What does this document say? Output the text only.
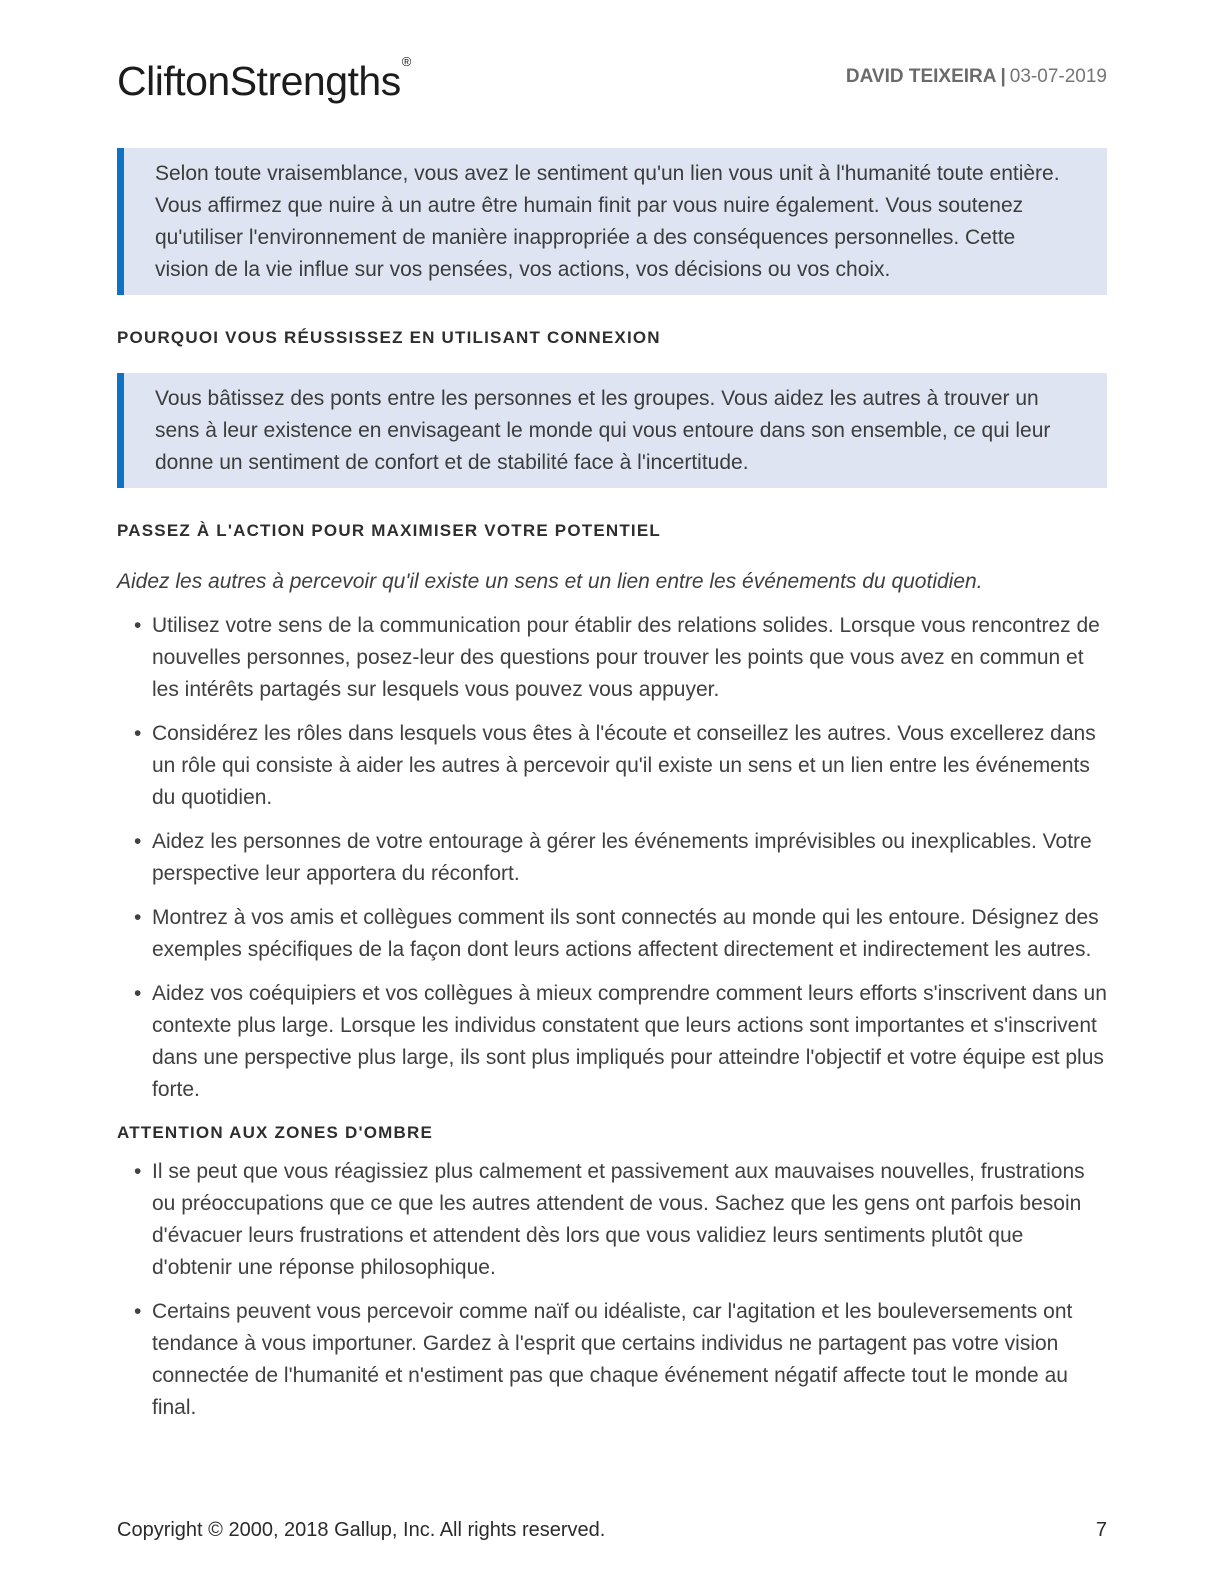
CliftonStrengths®
DAVID TEIXEIRA | 03-07-2019
Selon toute vraisemblance, vous avez le sentiment qu'un lien vous unit à l'humanité toute entière. Vous affirmez que nuire à un autre être humain finit par vous nuire également. Vous soutenez qu'utiliser l'environnement de manière inappropriée a des conséquences personnelles. Cette vision de la vie influe sur vos pensées, vos actions, vos décisions ou vos choix.
POURQUOI VOUS RÉUSSISSEZ EN UTILISANT CONNEXION
Vous bâtissez des ponts entre les personnes et les groupes. Vous aidez les autres à trouver un sens à leur existence en envisageant le monde qui vous entoure dans son ensemble, ce qui leur donne un sentiment de confort et de stabilité face à l'incertitude.
PASSEZ À L'ACTION POUR MAXIMISER VOTRE POTENTIEL

Aidez les autres à percevoir qu'il existe un sens et un lien entre les événements du quotidien.

• Utilisez votre sens de la communication pour établir des relations solides. Lorsque vous rencontrez de nouvelles personnes, posez-leur des questions pour trouver les points que vous avez en commun et les intérêts partagés sur lesquels vous pouvez vous appuyer.
• Considérez les rôles dans lesquels vous êtes à l'écoute et conseillez les autres. Vous excellerez dans un rôle qui consiste à aider les autres à percevoir qu'il existe un sens et un lien entre les événements du quotidien.
• Aidez les personnes de votre entourage à gérer les événements imprévisibles ou inexplicables. Votre perspective leur apportera du réconfort.
• Montrez à vos amis et collègues comment ils sont connectés au monde qui les entoure. Désignez des exemples spécifiques de la façon dont leurs actions affectent directement et indirectement les autres.
• Aidez vos coéquipiers et vos collègues à mieux comprendre comment leurs efforts s'inscrivent dans un contexte plus large. Lorsque les individus constatent que leurs actions sont importantes et s'inscrivent dans une perspective plus large, ils sont plus impliqués pour atteindre l'objectif et votre équipe est plus forte.
ATTENTION AUX ZONES D'OMBRE
• Il se peut que vous réagissiez plus calmement et passivement aux mauvaises nouvelles, frustrations ou préoccupations que ce que les autres attendent de vous. Sachez que les gens ont parfois besoin d'évacuer leurs frustrations et attendent dès lors que vous validiez leurs sentiments plutôt que d'obtenir une réponse philosophique.
• Certains peuvent vous percevoir comme naïf ou idéaliste, car l'agitation et les bouleversements ont tendance à vous importuner. Gardez à l'esprit que certains individus ne partagent pas votre vision connectée de l'humanité et n'estiment pas que chaque événement négatif affecte tout le monde au final.
Copyright © 2000, 2018 Gallup, Inc. All rights reserved.	7
